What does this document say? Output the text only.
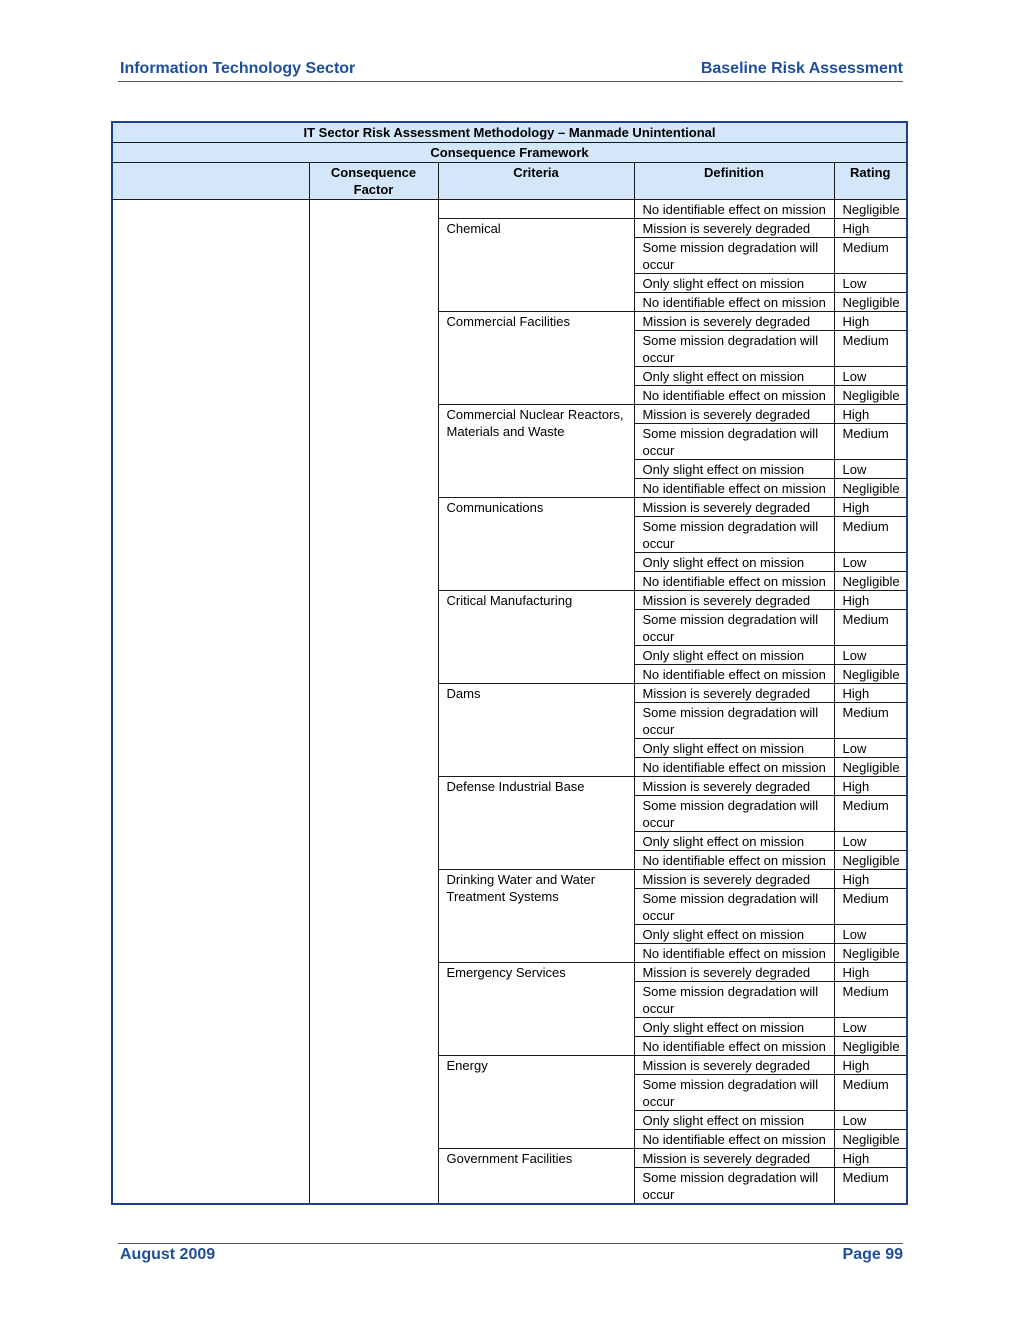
Information Technology Sector	Baseline Risk Assessment
IT Sector Risk Assessment Methodology – Manmade Unintentional				
Consequence Framework				
	Consequence Factor	Criteria	Definition	Rating
			No identifiable effect on mission	Negligible
		Chemical	Mission is severely degraded	High
			Some mission degradation will occur	Medium
			Only slight effect on mission	Low
			No identifiable effect on mission	Negligible
		Commercial Facilities	Mission is severely degraded	High
			Some mission degradation will occur	Medium
			Only slight effect on mission	Low
			No identifiable effect on mission	Negligible
		Commercial Nuclear Reactors, Materials and Waste	Mission is severely degraded	High
			Some mission degradation will occur	Medium
			Only slight effect on mission	Low
			No identifiable effect on mission	Negligible
		Communications	Mission is severely degraded	High
			Some mission degradation will occur	Medium
			Only slight effect on mission	Low
			No identifiable effect on mission	Negligible
		Critical Manufacturing	Mission is severely degraded	High
			Some mission degradation will occur	Medium
			Only slight effect on mission	Low
			No identifiable effect on mission	Negligible
		Dams	Mission is severely degraded	High
			Some mission degradation will occur	Medium
			Only slight effect on mission	Low
			No identifiable effect on mission	Negligible
		Defense Industrial Base	Mission is severely degraded	High
			Some mission degradation will occur	Medium
			Only slight effect on mission	Low
			No identifiable effect on mission	Negligible
		Drinking Water and Water Treatment Systems	Mission is severely degraded	High
			Some mission degradation will occur	Medium
			Only slight effect on mission	Low
			No identifiable effect on mission	Negligible
		Emergency Services	Mission is severely degraded	High
			Some mission degradation will occur	Medium
			Only slight effect on mission	Low
			No identifiable effect on mission	Negligible
		Energy	Mission is severely degraded	High
			Some mission degradation will occur	Medium
			Only slight effect on mission	Low
			No identifiable effect on mission	Negligible
		Government Facilities	Mission is severely degraded	High
			Some mission degradation will occur	Medium
August 2009	Page 99
